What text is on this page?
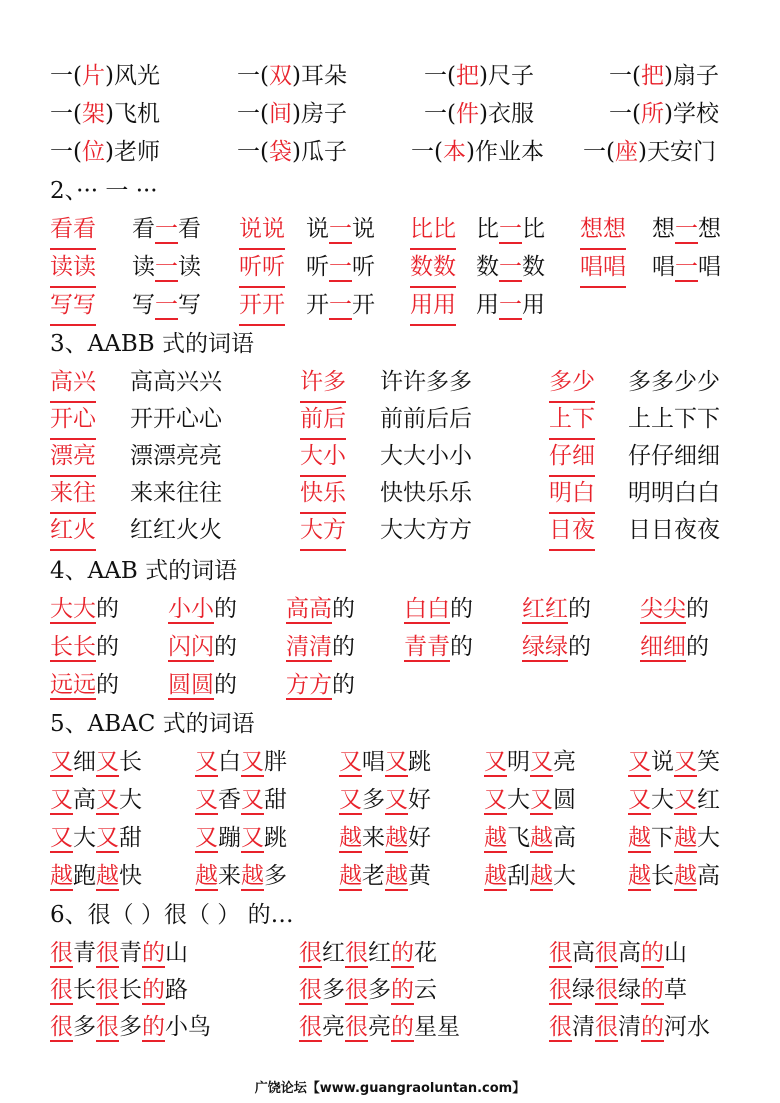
一(片)风光	一(双)耳朵	一(把)尺子	一(把)扇子
一(架)飞机	一(间)房子	一(件)衣服	一(所)学校
一(位)老师	一(袋)瓜子	一(本)作业本 一(座)天安门
2、··· 一 ···
看看 看一看 说说 说一说 比比 比一比 想想 想一想
读读 读一读 听听 听一听 数数 数一数 唱唱 唱一唱
写写 写一写 开开 开一开 用用 用一用
3、AABB 式的词语
高兴 高高兴兴	许多 许许多多	多少 多多少少
开心 开开心心	前后 前前后后	上下 上上下下
漂亮 漂漂亮亮	大小 大大小小	仔细 仔仔细细
来往 来来往往	快乐 快快乐乐	明白 明明白白
红火 红红火火	大方 大大方方	日夜 日日夜夜
4、AAB 式的词语
大大的 小小的 高高的 白白的 红红的 尖尖的
长长的 闪闪的 清清的 青青的 绿绿的 细细的
远远的 圆圆的 方方的
5、ABAC 式的词语
又细又长 又白又胖 又唱又跳 又明又亮 又说又笑
又高又大 又香又甜 又多又好 又大又圆 又大又红
又大又甜 又蹦又跳 越来越好 越飞越高 越下越大
越跑越快 越来越多 越老越黄 越刮越大 越长越高
6、很（ ）很（ ） 的…
很青很青的山	很红很红的花	很高很高的山
很长很长的路	很多很多的云	很绿很绿的草
很多很多的小鸟	很亮很亮的星星	很清很清的河水
广饶论坛【www.guangraoluntan.com】
